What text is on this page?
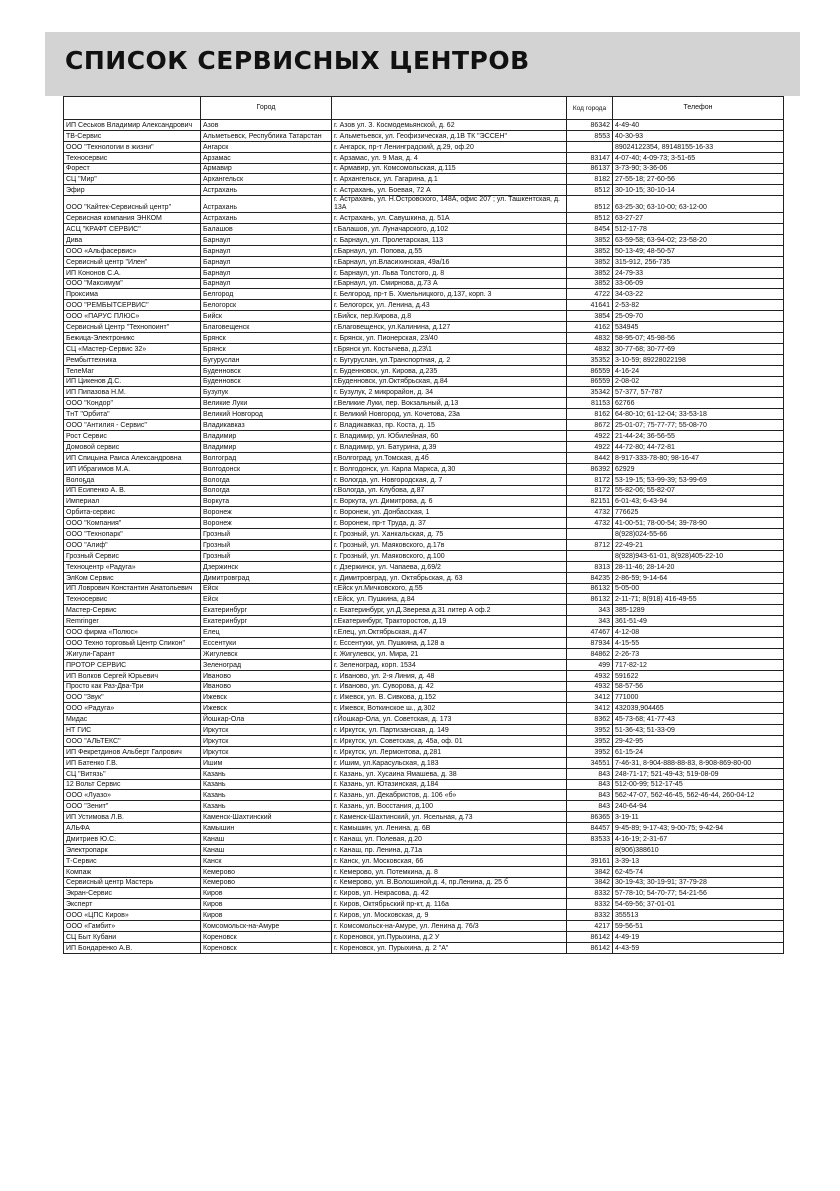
СПИСОК СЕРВИСНЫХ ЦЕНТРОВ
	Город		Код города	Телефон
ИП Сеськов Владимир Александрович	Азов	г. Азов ул. З. Космодемьянской, д. 62	86342	4-49-40
ТВ-Сервис	Альметьевск, Республика Татарстан	г. Альметьевск, ул. Геофизическая, д.1В ТК "ЭССЕН"	8553	40-30-93
ООО "Технологии в жизни"	Ангарск	г. Ангарск, пр-т Ленинградский, д.29, оф.20		89024122354, 89148155-16-33
Техносервис	Арзамас	г. Арзамас, ул. 9 Мая, д. 4	83147	4-07-40; 4-09-73; 3-51-65
Форест	Армавир	г. Армавир, ул. Комсомольская, д.115	86137	3-73-90; 3-36-06
СЦ "Мир"	Архангельск	г. Архангельск, ул. Гагарина, д.1	8182	27-55-18; 27-60-56
Эфир	Астрахань	г. Астрахань, ул. Боевая, 72 А	8512	30-10-15; 30-10-14
ООО "Кайтек-Сервисный центр"	Астрахань	г. Астрахань, ул. Н.Островского, 148А, офис 207 ; ул. Ташкентская, д. 13А	8512	63-25-30; 63-10-00; 63-12-00
Сервисная компания ЭНКОМ	Астрахань	г. Астрахань, ул. Савушкина, д. 51А	8512	63-27-27
АСЦ "КРАФТ СЕРВИС"	Балашов	г.Балашов, ул. Луначарского, д.102	8454	512-17-78
Дива	Барнаул	г. Барнаул, ул. Пролетарская, 113	3852	63-59-58; 63-94-02; 23-58-20
ООО «Альфасервис»	Барнаул	г.Барнаул, ул. Попова, д.55	3852	50-13-49; 48-50-57
Сервисный центр "Илен"	Барнаул	г.Барнаул, ул.Власихинская, 49а/16	3852	315-912, 256-735
ИП Кононов С.А.	Барнаул	г. Барнаул, ул. Льва Толстого, д. 8	3852	24-79-33
ООО "Максимум"	Барнаул	г.Барнаул, ул. Смирнова, д.73 А	3852	33-06-09
Проксима	Белгород	г. Белгород, пр-т Б. Хмельницкого, д.137, корп. 3	4722	34-03-22
ООО "РЕМБЫТСЕРВИС"	Белогорск	г. Белогорск, ул. Ленина, д.43	41641	2-53-82
ООО «ПАРУС ПЛЮС»	Бийск	г.Бийск, пер.Кирова, д.8	3854	25-09-70
Сервисный Центр "Технопоинт"	Благовещенск	г.Благовещенск, ул.Калинина, д.127	4162	534945
Бежица-Электроникс	Брянск	г. Брянск, ул. Пионерская, 23/40	4832	58-95-07; 45-98-56
СЦ «Мастер-Сервис 32»	Брянск	г.Брянск ул. Костычева, д.23\1	4832	30-77-68; 30-77-69
Рембыттехника	Бугуруслан	г. Бугуруслан, ул.Транспортная, д. 2	35352	3-10-59; 89228022198
ТелеМаг	Буденновск	г. Буденновск, ул. Кирова, д.235	86559	4-16-24
ИП Цикенов Д.С.	Буденновск	г.Буденновск, ул.Октябрьская, д.84	86559	2-08-02
ИП Пипазова Н.М.	Бузулук	г. Бузулук, 2 микрорайон, д. 34	35342	57-377, 57-787
ООО "Кондор"	Великие Луки	г.Великие Луки, пер. Вокзальный, д.13	81153	62766
ТнТ "Орбита"	Великий Новгород	г. Великий Новгород, ул. Кочетова, 23а	8162	64-80-10; 61-12-04; 33-53-18
ООО "Антилия - Сервис"	Владикавказ	г. Владикавказ, пр. Коста, д. 15	8672	25-01-07; 75-77-77; 55-08-70
Рост Сервис	Владимир	г. Владимир, ул. Юбилейная, 60	4922	21-44-24; 36-56-55
Домовой сервис	Владимир	г. Владимир, ул. Батурина, д.39	4922	44-72-80; 44-72-81
ИП Спицына Раиса Александровна	Волгоград	г.Волгоград, ул.Томская, д.4б	8442	8-917-333-78-80; 98-16-47
ИП Ибрагимов М.А.	Волгодонск	г. Волгодонск, ул. Карла Маркса, д.30	86392	62929
Волоҕда	Вологда	г. Вологда, ул. Новгородская, д. 7	8172	53-19-15; 53-99-39; 53-99-69
ИП Есипенко А. В.	Вологда	г.Вологда, ул. Клубова, д.87	8172	55-82-06; 55-82-07
Империал	Воркута	г. Воркута, ул. Димитрова, д. 6	82151	6-01-43; 6-43-94
Орбита-сервис	Воронеж	г. Воронеж, ул. Донбасская, 1	4732	776625
ООО "Компания"	Воронеж	г. Воронеж, пр-т Труда, д. 37	4732	41-00-51; 78-00-54; 39-78-90
ООО "Технопарк"	Грозный	г. Грозный, ул. Ханкальская, д. 75		8(928)024-55-66
ООО "Алиф"	Грозный	г. Грозный, ул. Маяковского, д.17в	8712	22-49-21
Грозный Сервис	Грозный	г. Грозный, ул. Маяковского, д.100		8(928)943-61-01, 8(928)405-22-10
Техноцентр «Радуга»	Дзержинск	г. Дзержинск, ул. Чапаева, д.69/2	8313	28-11-46; 28-14-20
ЭлКом Сервис	Димитровград	г. Димитровград, ул. Октябрьская, д. 63	84235	2-86-59; 9-14-64
ИП Ловрович Константин Анатольевич	Ейск	г.Ейск ул.Мичковского, д.55	86132	5-05-00
Техносервис	Ейск	г.Ейск, ул. Пушкина, д.84	86132	2-11-71; 8(918) 416-49-55
Мастер-Сервис	Екатеринбург	г. Екатеринбург, ул.Д.Зверева д.31 литер А оф.2	343	385-1289
Remringer	Екатеринбург	г.Екатеринбург, Тракторостов, д.19	343	361-51-49
ООО фирма «Полюс»	Елец	г.Елец, ул.Октябрьская, д.47	47467	4-12-08
ООО Техно торговый Центр Спикон"	Ессентуки	г. Ессентуки, ул. Пушкина, д.128 а	87934	4-15-55
Жигули-Гарант	Жигулевск	г. Жигулевск, ул. Мира, 21	84862	2-26-73
ПРОТОР СЕРВИС	Зеленоград	г. Зеленоград, корп. 1534	499	717-82-12
ИП Волков Сергей Юрьевич	Иваново	г. Иваново, ул. 2-я Линия, д. 48	4932	591622
Просто как Раз-Два-Три	Иваново	г. Иваново, ул. Суворова, д. 42	4932	58-57-56
ООО "Звук"	Ижевск	г. Ижевск, ул. В. Сивкова, д.152	3412	771000
ООО «Радуга»	Ижевск	г. Ижевск, Воткинское ш., д.302	3412	432039,904465
Мидас	Йошкар-Ола	г.Йошкар-Ола, ул. Советская, д. 173	8362	45-73-68; 41-77-43
НТ ГИС	Иркутск	г. Иркутск, ул. Партизанская, д. 149	3952	51-36-43; 51-33-09
ООО "АЛЬТЕКС"	Иркутск	г. Иркутск, ул. Советская, д. 45а, оф. 01	3952	29-42-95
ИП Фекретдинов Альберт Галрович	Иркутск	г. Иркутск, ул. Лермонтова, д.281	3952	61-15-24
ИП Батенко Г.В.	Ишим	г. Ишим, ул.Карасульская, д.183	34551	7-46-31, 8-904-888-88-83, 8-908-869-80-00
СЦ "Витязь"	Казань	г. Казань, ул. Хусаина Ямашева, д. 38	843	248-71-17; 521-49-43; 519-08-09
12 Вольт Сервис	Казань	г. Казань, ул. Ютазинская, д.184	843	512-00-99; 512-17-45
ООО «Луазо»	Казань	г. Казань, ул. Декабристов, д. 106 «б»	843	562-47-07, 562-46-45, 562-46-44, 260-04-12
ООО "Зенит"	Казань	г. Казань, ул. Восстания, д.100	843	240-64-94
ИП Устимова Л.В.	Каменск-Шахтинский	г. Каменск-Шахтинский, ул. Ясельная, д.73	86365	3-19-11
АЛЬФА	Камышин	г. Камышин, ул. Ленина, д. 6В	84457	9-45-89; 9-17-43; 9-00-75; 9-42-94
Дмитриев Ю.С.	Канаш	г. Канаш, ул. Полевая, д.20	83533	4-16-19; 2-31-67
Электропарк	Канаш	г. Канаш, пр. Ленина, д.71а		8(906)388610
Т-Сервис	Канск	г. Канск, ул. Московская, 66	39161	3-39-13
Компаж	Кемерово	г. Кемерово, ул. Потемкина, д. 8	3842	62-45-74
Сервисный центр Мастерь	Кемерово	г. Кемерово, ул. В.Волошиной,д. 4, пр.Ленина, д. 25 б	3842	30-19-43; 30-19-91; 37-79-28
Экран-Сервис	Киров	г. Киров, ул. Некрасова, д. 42	8332	57-78-10; 54-70-77; 54-21-56
Эксперт	Киров	г. Киров, Октябрьский пр-кт, д. 116а	8332	54-69-56; 37-01-01
ООО «ЦПС Киров»	Киров	г. Киров, ул. Московская, д. 9	8332	355513
ООО «Гамбит»	Комсомольск-на-Амуре	г. Комсомольск-на-Амуре, ул. Ленина д. 76/3	4217	59-56-51
СЦ Быт Кубани	Кореновск	г. Кореновск, ул.Пурыхина, д.2 У	86142	4-49-19
ИП Бондаренко А.В.	Кореновск	г. Кореновск, ул. Пурыхина, д. 2 "А"	86142	4-43-59
